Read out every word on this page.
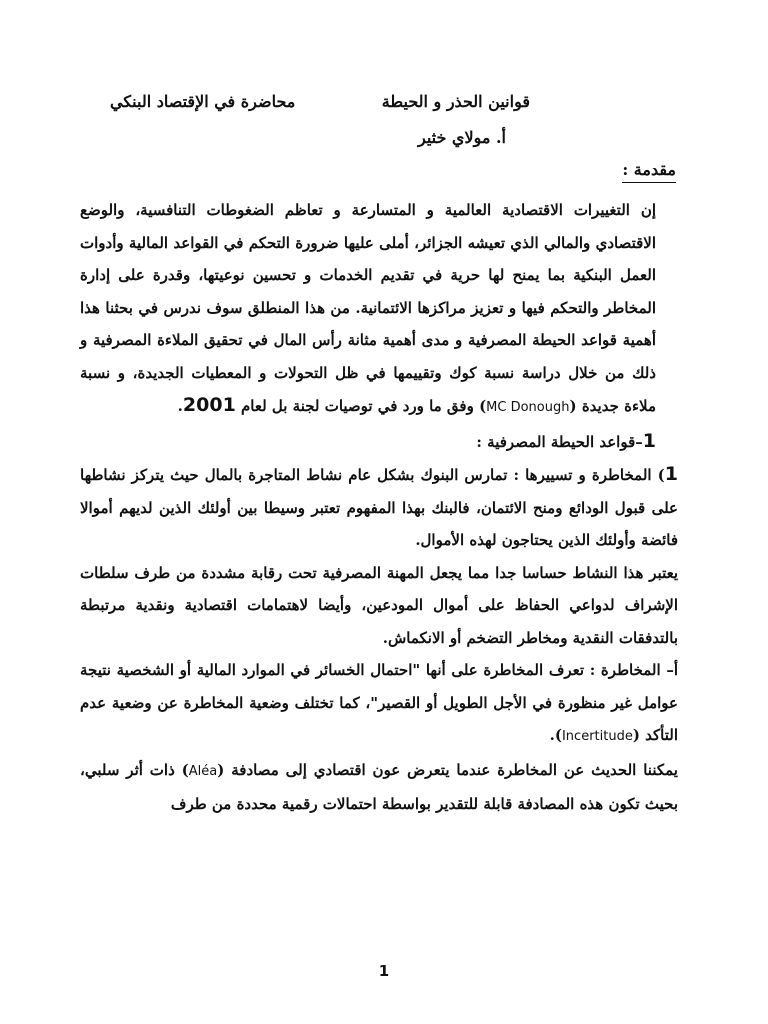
قوانين الحذر و الحيطة
محاضرة في الإقتصاد البنكي
أ. مولاي خثير
مقدمة :

إن التغييرات الاقتصادية العالمية و المتسارعة و تعاظم الضغوطات التنافسية، والوضع الاقتصادي والمالي الذي تعيشه الجزائر، أملى عليها ضرورة التحكم في القواعد المالية وأدوات العمل البنكية بما يمنح لها حرية في تقديم الخدمات و تحسين نوعيتها، وقدرة على إدارة المخاطر والتحكم فيها و تعزيز مراكزها الائتمانية. من هذا المنطلق سوف ندرس في بحثنا هذا أهمية قواعد الحيطة المصرفية و مدى أهمية مثانة رأس المال في تحقيق الملاءة المصرفية و ذلك من خلال دراسة نسبة كوك وتقييمها في ظل التحولات و المعطيات الجديدة، و نسبة ملاءة جديدة (MC Donough) وفق ما ورد في توصيات لجنة بل لعام 2001.

1–قواعد الحيطة المصرفية :

1) المخاطرة و تسييرها : تمارس البنوك بشكل عام نشاط المتاجرة بالمال حيث يتركز نشاطها على قبول الودائع ومنح الائتمان، فالبنك بهذا المفهوم تعتبر وسيطا بين أولئك الذين لديهم أموالا فائضة وأولئك الذين يحتاجون لهذه الأموال.

يعتبر هذا النشاط حساسا جدا مما يجعل المهنة المصرفية تحت رقابة مشددة من طرف سلطات الإشراف لدواعي الحفاظ على أموال المودعين، وأيضا لاهتمامات اقتصادية ونقدية مرتبطة بالتدفقات النقدية ومخاطر التضخم أو الانكماش.

أ– المخاطرة : تعرف المخاطرة على أنها "احتمال الخسائر في الموارد المالية أو الشخصية نتيجة عوامل غير منظورة في الأجل الطويل أو القصير"، كما تختلف وضعية المخاطرة عن وضعية عدم التأكد (Incertitude).

يمكننا الحديث عن المخاطرة عندما يتعرض عون اقتصادي إلى مصادفة (Aléa) ذات أثر سلبي، بحيث تكون هذه المصادفة قابلة للتقدير بواسطة احتمالات رقمية محددة من طرف

1
